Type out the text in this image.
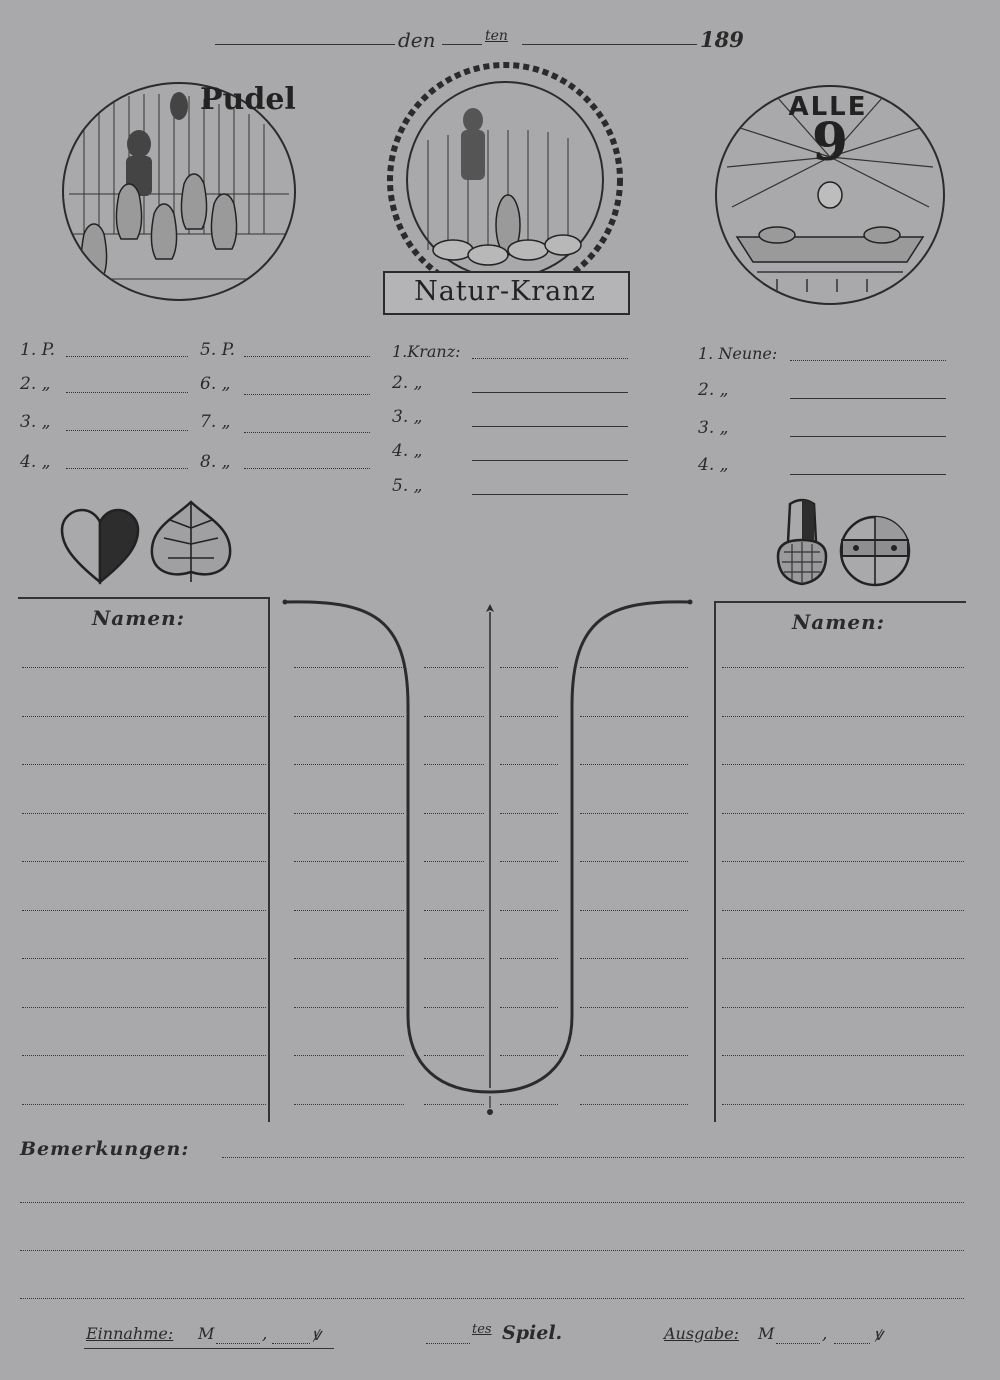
den	ten	189
Pudel
Natur-Kranz
ALLE
9
1. P.
2. „
3. „
4. „
5. P.
6. „
7. „
8. „
1.Kranz:
2. „
3. „
4. „
5. „
1. Neune:
2. „
3. „
4. „
Namen:	Namen:
Bemerkungen:
Einnahme: M	,	ꝟ	tes Spiel.	Ausgabe: M	,	ꝟ
